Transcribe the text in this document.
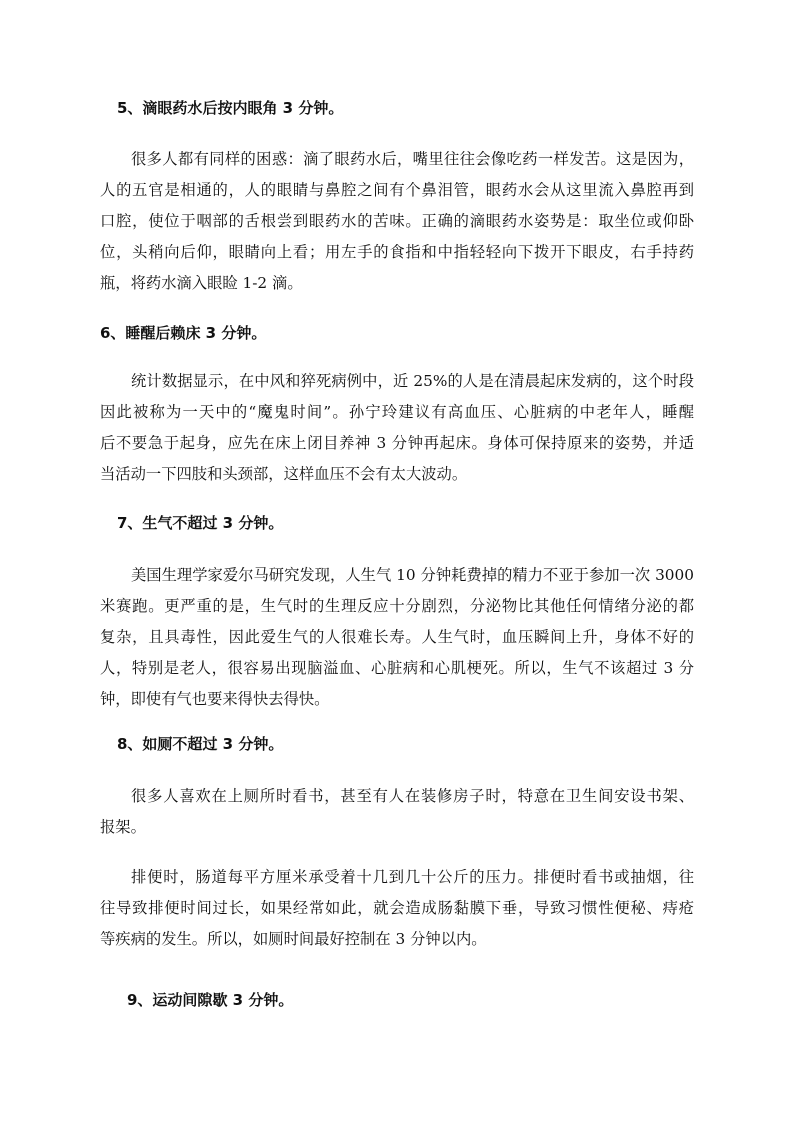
5、滴眼药水后按内眼角 3 分钟。
很多人都有同样的困惑：滴了眼药水后，嘴里往往会像吃药一样发苦。这是因为，
人的五官是相通的，人的眼睛与鼻腔之间有个鼻泪管，眼药水会从这里流入鼻腔再到
口腔，使位于咽部的舌根尝到眼药水的苦味。正确的滴眼药水姿势是：取坐位或仰卧
位，头稍向后仰，眼睛向上看；用左手的食指和中指轻轻向下拨开下眼皮，右手持药
瓶，将药水滴入眼睑 1-2 滴。
6、睡醒后赖床 3 分钟。
统计数据显示，在中风和猝死病例中，近 25%的人是在清晨起床发病的，这个时段
因此被称为一天中的“魔鬼时间”。孙宁玲建议有高血压、心脏病的中老年人，睡醒
后不要急于起身，应先在床上闭目养神 3 分钟再起床。身体可保持原来的姿势，并适
当活动一下四肢和头颈部，这样血压不会有太大波动。
7、生气不超过 3 分钟。
美国生理学家爱尔马研究发现，人生气 10 分钟耗费掉的精力不亚于参加一次 3000
米赛跑。更严重的是，生气时的生理反应十分剧烈，分泌物比其他任何情绪分泌的都
复杂，且具毒性，因此爱生气的人很难长寿。人生气时，血压瞬间上升，身体不好的
人，特别是老人，很容易出现脑溢血、心脏病和心肌梗死。所以，生气不该超过 3 分
钟，即使有气也要来得快去得快。
8、如厕不超过 3 分钟。
很多人喜欢在上厕所时看书，甚至有人在装修房子时，特意在卫生间安设书架、
报架。
排便时，肠道每平方厘米承受着十几到几十公斤的压力。排便时看书或抽烟，往
往导致排便时间过长，如果经常如此，就会造成肠黏膜下垂，导致习惯性便秘、痔疮
等疾病的发生。所以，如厕时间最好控制在 3 分钟以内。
9、运动间隙歇 3 分钟。
